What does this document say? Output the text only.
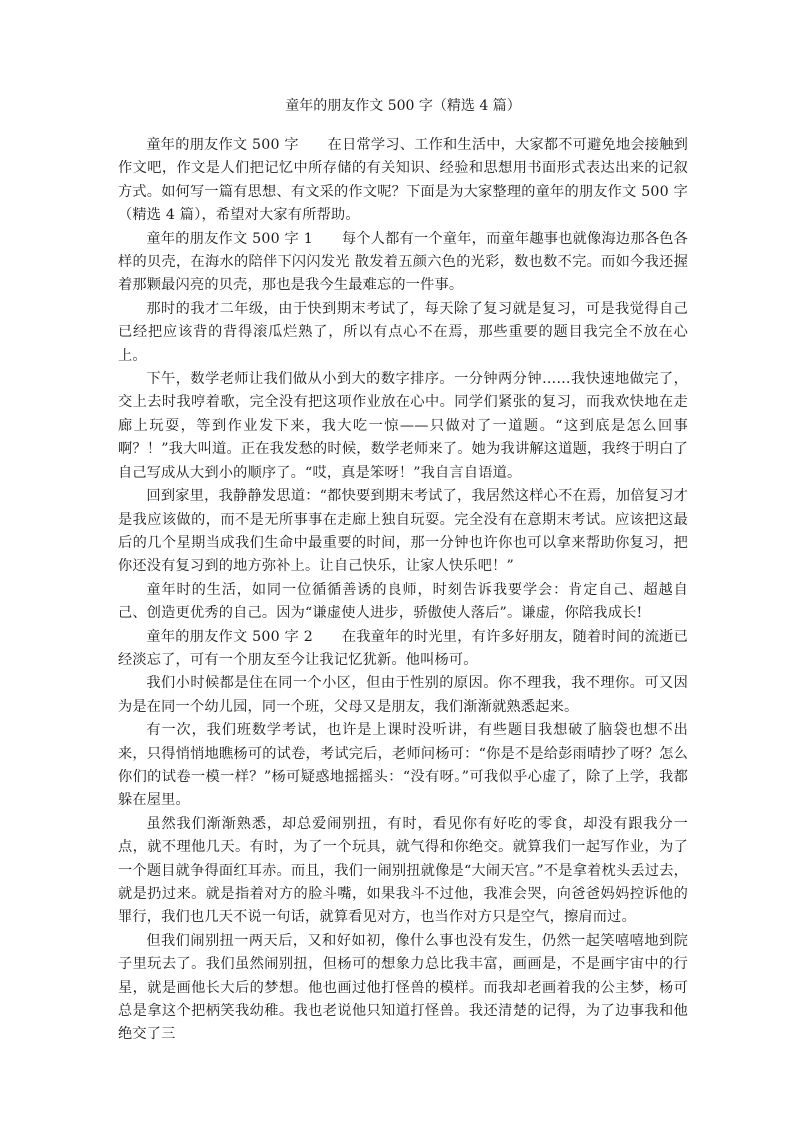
童年的朋友作文 500 字（精选 4 篇）

童年的朋友作文 500 字　　在日常学习、工作和生活中，大家都不可避免地会接触到作文吧，作文是人们把记忆中所存储的有关知识、经验和思想用书面形式表达出来的记叙方式。如何写一篇有思想、有文采的作文呢？下面是为大家整理的童年的朋友作文 500 字（精选 4 篇），希望对大家有所帮助。

童年的朋友作文 500 字 1　　每个人都有一个童年，而童年趣事也就像海边那各色各样的贝壳，在海水的陪伴下闪闪发光 散发着五颜六色的光彩，数也数不完。而如今我还握着那颗最闪亮的贝壳，那也是我今生最难忘的一件事。

那时的我才二年级，由于快到期末考试了，每天除了复习就是复习，可是我觉得自己已经把应该背的背得滚瓜烂熟了，所以有点心不在焉，那些重要的题目我完全不放在心上。

下午，数学老师让我们做从小到大的数字排序。一分钟两分钟……我快速地做完了，交上去时我哼着歌，完全没有把这项作业放在心中。同学们紧张的复习，而我欢快地在走廊上玩耍，等到作业发下来，我大吃一惊——只做对了一道题。“这到底是怎么回事啊？！”我大叫道。正在我发愁的时候，数学老师来了。她为我讲解这道题，我终于明白了自己写成从大到小的顺序了。“哎，真是笨呀！”我自言自语道。

回到家里，我静静发思道：“都快要到期末考试了，我居然这样心不在焉，加倍复习才是我应该做的，而不是无所事事在走廊上独自玩耍。完全没有在意期末考试。应该把这最后的几个星期当成我们生命中最重要的时间，那一分钟也许你也可以拿来帮助你复习，把你还没有复习到的地方弥补上。让自己快乐，让家人快乐吧！”

童年时的生活，如同一位循循善诱的良师，时刻告诉我要学会：肯定自己、超越自己、创造更优秀的自己。因为“谦虚使人进步，骄傲使人落后”。谦虚，你陪我成长!

童年的朋友作文 500 字 2　　在我童年的时光里，有许多好朋友，随着时间的流逝已经淡忘了，可有一个朋友至今让我记忆犹新。他叫杨可。

我们小时候都是住在同一个小区，但由于性别的原因。你不理我，我不理你。可又因为是在同一个幼儿园，同一个班，父母又是朋友，我们渐渐就熟悉起来。

有一次，我们班数学考试，也许是上课时没听讲，有些题目我想破了脑袋也想不出来，只得悄悄地瞧杨可的试卷，考试完后，老师问杨可：“你是不是给彭雨晴抄了呀？怎么你们的试卷一模一样？”杨可疑惑地摇摇头：“没有呀。”可我似乎心虚了，除了上学，我都躲在屋里。

虽然我们渐渐熟悉，却总爱闹别扭，有时，看见你有好吃的零食，却没有跟我分一点，就不理他几天。有时，为了一个玩具，就气得和你绝交。就算我们一起写作业，为了一个题目就争得面红耳赤。而且，我们一闹别扭就像是“大闹天宫。”不是拿着枕头丢过去，就是扔过来。就是指着对方的脸斗嘴，如果我斗不过他，我准会哭，向爸爸妈妈控诉他的罪行，我们也几天不说一句话，就算看见对方，也当作对方只是空气，擦肩而过。

但我们闹别扭一两天后，又和好如初，像什么事也没有发生，仍然一起笑嘻嘻地到院子里玩去了。我们虽然闹别扭，但杨可的想象力总比我丰富，画画是，不是画宇宙中的行星，就是画他长大后的梦想。他也画过他打怪兽的模样。而我却老画着我的公主梦，杨可总是拿这个把柄笑我幼稚。我也老说他只知道打怪兽。我还清楚的记得，为了边事我和他绝交了三
